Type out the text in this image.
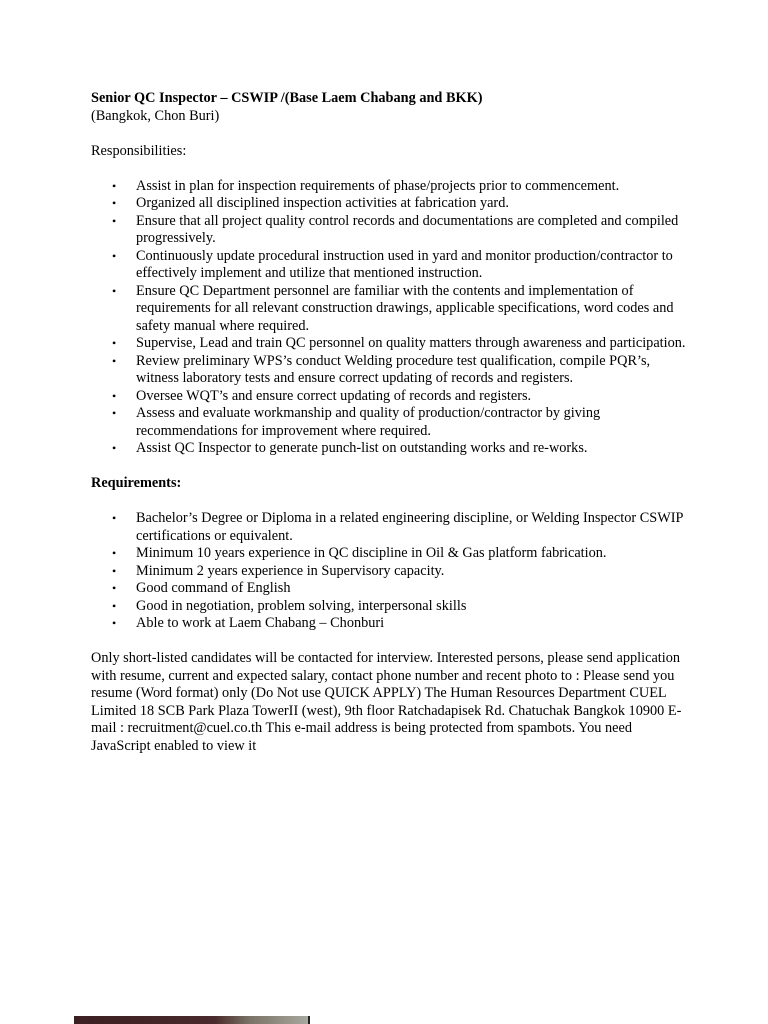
Senior QC Inspector – CSWIP /(Base Laem Chabang and BKK)

(Bangkok, Chon Buri)

Responsibilities:

• Assist in plan for inspection requirements of phase/projects prior to commencement.
• Organized all disciplined inspection activities at fabrication yard.
• Ensure that all project quality control records and documentations are completed and compiled progressively.
• Continuously update procedural instruction used in yard and monitor production/contractor to effectively implement and utilize that mentioned instruction.
• Ensure QC Department personnel are familiar with the contents and implementation of requirements for all relevant construction drawings, applicable specifications, word codes and safety manual where required.
• Supervise, Lead and train QC personnel on quality matters through awareness and participation.
• Review preliminary WPS’s conduct Welding procedure test qualification, compile PQR’s, witness laboratory tests and ensure correct updating of records and registers.
• Oversee WQT’s and ensure correct updating of records and registers.
• Assess and evaluate workmanship and quality of production/contractor by giving recommendations for improvement where required.
• Assist QC Inspector to generate punch-list on outstanding works and re-works.

Requirements:

• Bachelor’s Degree or Diploma in a related engineering discipline, or Welding Inspector CSWIP certifications or equivalent.
• Minimum 10 years experience in QC discipline in Oil & Gas platform fabrication.
• Minimum 2 years experience in Supervisory capacity.
• Good command of English
• Good in negotiation, problem solving, interpersonal skills
• Able to work at Laem Chabang – Chonburi

Only short-listed candidates will be contacted for interview. Interested persons, please send application with resume, current and expected salary, contact phone number and recent photo to : Please send you resume (Word format) only (Do Not use QUICK APPLY) The Human Resources Department CUEL Limited 18 SCB Park Plaza TowerII (west), 9th floor Ratchadapisek Rd. Chatuchak Bangkok 10900 E-mail : recruitment@cuel.co.th This e-mail address is being protected from spambots. You need JavaScript enabled to view it
